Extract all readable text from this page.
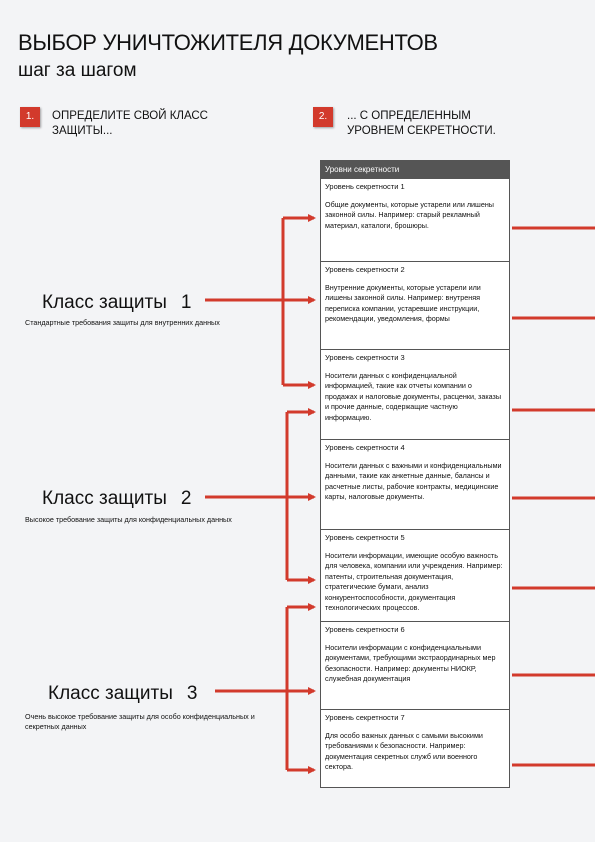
ВЫБОР УНИЧТОЖИТЕЛЯ ДОКУМЕНТОВ
шаг за шагом
1.	ОПРЕДЕЛИТЕ СВОЙ КЛАСС ЗАЩИТЫ...
2.	... С ОПРЕДЕЛЕННЫМ УРОВНЕМ СЕКРЕТНОСТИ.
Класс защиты 1
Стандартные требования защиты для внутренних данных
Класс защиты 2
Высокое требование защиты для конфиденциальных данных
Класс защиты 3
Очень высокое требование защиты для особо конфиденциальных и секретных данных
Уровни секретности
Уровень секретности 1
Общие документы, которые устарели или лишены законной силы. Например: старый рекламный материал, каталоги, брошюры.
Уровень секретности 2
Внутренние документы, которые устарели или лишены законной силы. Например: внутреняя переписка компании, устаревшие инструкции, рекомендации, уведомления, формы
Уровень секретности 3
Носители данных с конфиденциальной информацией, такие как отчеты компании о продажах и налоговые документы, расценки, заказы и прочие данные, содержащие частную информацию.
Уровень секретности 4
Носители данных с важными и конфиденциальными данными, такие как анкетные данные, балансы и расчетные листы, рабочие контракты, медицинские карты, налоговые документы.
Уровень секретности 5
Носители информации, имеющие особую важность для человека, компании или учреждения. Например: патенты, строительная документация, стратегические бумаги, анализ конкурентоспособности, документация технологических процессов.
Уровень секретности 6
Носители информации с конфиденциальными документами, требующими экстраординарных мер безопасности. Например: документы НИОКР, служебная документация
Уровень секретности 7
Для особо важных данных с самыми высокими требованиями к безопасности. Например: документация секретных служб или военного сектора.
